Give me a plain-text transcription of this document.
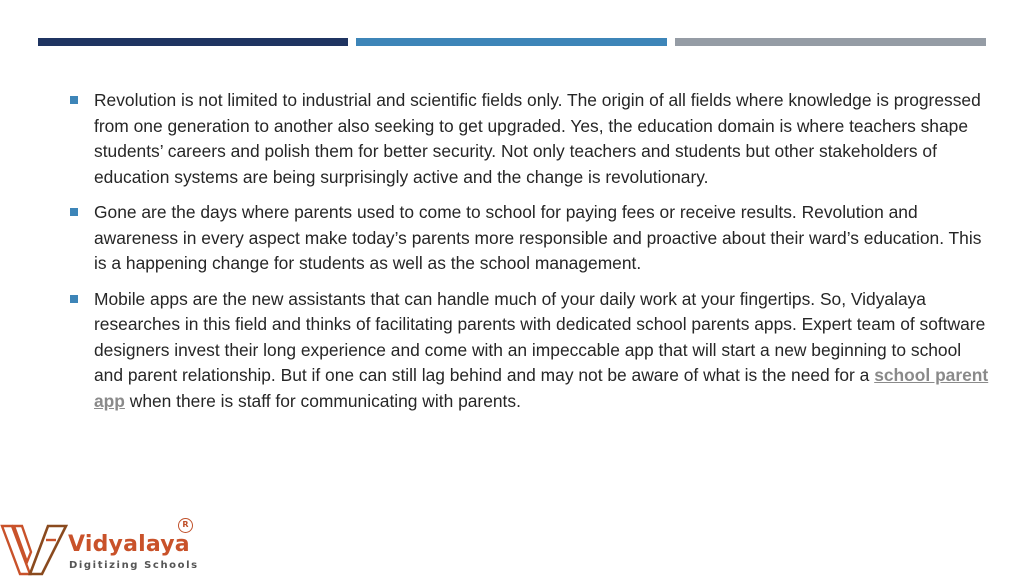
Revolution is not limited to industrial and scientific fields only. The origin of all fields where knowledge is progressed from one generation to another also seeking to get upgraded. Yes, the education domain is where teachers shape students’ careers and polish them for better security. Not only teachers and students but other stakeholders of education systems are being surprisingly active and the change is revolutionary.
Gone are the days where parents used to come to school for paying fees or receive results. Revolution and awareness in every aspect make today’s parents more responsible and proactive about their ward’s education. This is a happening change for students as well as the school management.
Mobile apps are the new assistants that can handle much of your daily work at your fingertips. So, Vidyalaya researches in this field and thinks of facilitating parents with dedicated school parents apps. Expert team of software designers invest their long experience and come with an impeccable app that will start a new beginning to school and parent relationship. But if one can still lag behind and may not be aware of what is the need for a school parent app when there is staff for communicating with parents.
Vidyalaya
Digitizing Schools
R
